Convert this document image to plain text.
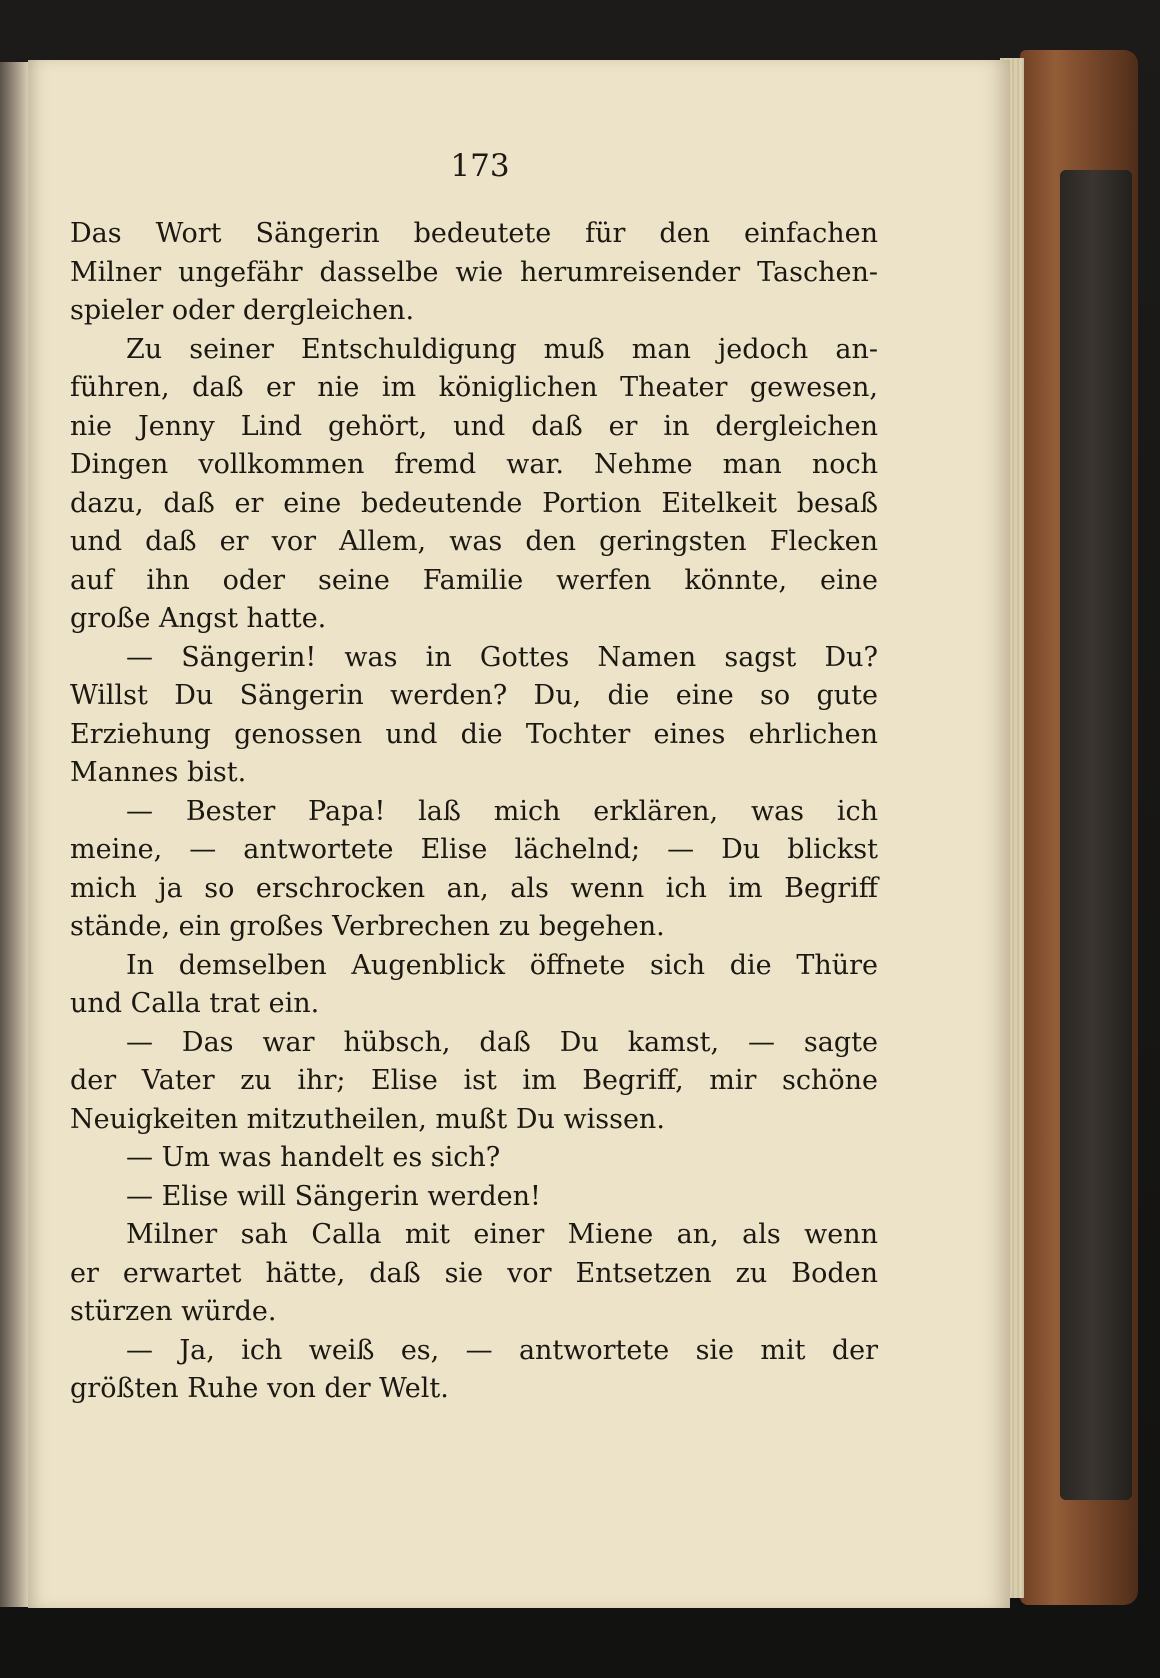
173
Das Wort Sängerin bedeutete für den einfachen
Milner ungefähr dasselbe wie herumreisender Taschen-
spieler oder dergleichen.
Zu seiner Entschuldigung muß man jedoch an-
führen, daß er nie im königlichen Theater gewesen,
nie Jenny Lind gehört, und daß er in dergleichen
Dingen vollkommen fremd war. Nehme man noch
dazu, daß er eine bedeutende Portion Eitelkeit besaß
und daß er vor Allem, was den geringsten Flecken
auf ihn oder seine Familie werfen könnte, eine
große Angst hatte.
— Sängerin! was in Gottes Namen sagst Du?
Willst Du Sängerin werden? Du, die eine so gute
Erziehung genossen und die Tochter eines ehrlichen
Mannes bist.
— Bester Papa! laß mich erklären, was ich
meine, — antwortete Elise lächelnd; — Du blickst
mich ja so erschrocken an, als wenn ich im Begriff
stände, ein großes Verbrechen zu begehen.
In demselben Augenblick öffnete sich die Thüre
und Calla trat ein.
— Das war hübsch, daß Du kamst, — sagte
der Vater zu ihr; Elise ist im Begriff, mir schöne
Neuigkeiten mitzutheilen, mußt Du wissen.
— Um was handelt es sich?
— Elise will Sängerin werden!
Milner sah Calla mit einer Miene an, als wenn
er erwartet hätte, daß sie vor Entsetzen zu Boden
stürzen würde.
— Ja, ich weiß es, — antwortete sie mit der
größten Ruhe von der Welt.
